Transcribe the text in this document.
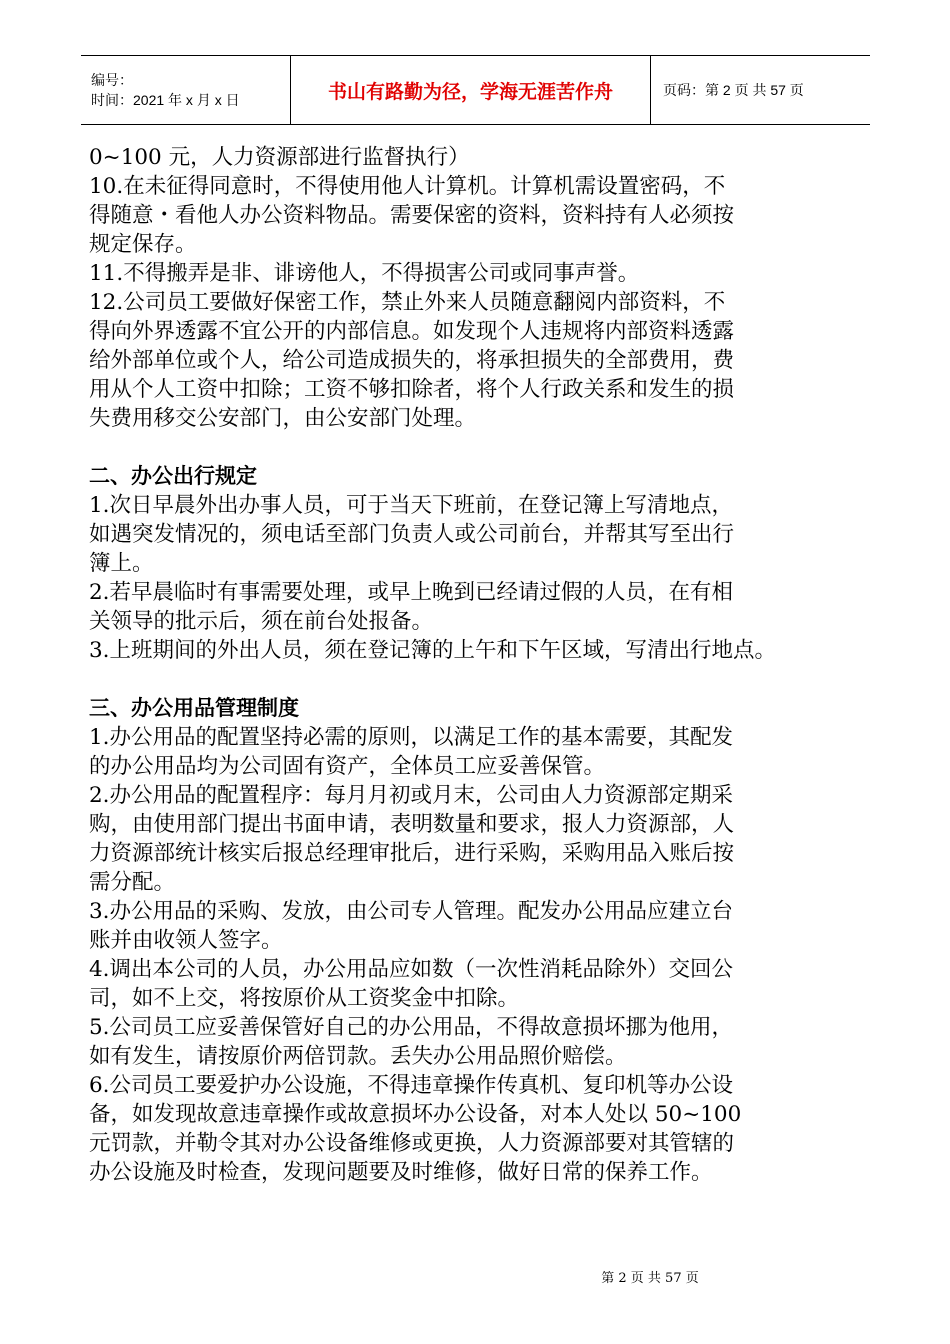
编号：
时间：2021 年 x 月 x 日	书山有路勤为径，学海无涯苦作舟	页码：第 2 页 共 57 页
0~100 元，人力资源部进行监督执行）
10.在未征得同意时，不得使用他人计算机。计算机需设置密码，不
得随意・看他人办公资料物品。需要保密的资料，资料持有人必须按
规定保存。
11.不得搬弄是非、诽谤他人，不得损害公司或同事声誉。
12.公司员工要做好保密工作，禁止外来人员随意翻阅内部资料，不
得向外界透露不宜公开的内部信息。如发现个人违规将内部资料透露
给外部单位或个人，给公司造成损失的，将承担损失的全部费用，费
用从个人工资中扣除；工资不够扣除者，将个人行政关系和发生的损
失费用移交公安部门，由公安部门处理。
二、办公出行规定
1.次日早晨外出办事人员，可于当天下班前，在登记簿上写清地点，
如遇突发情况的，须电话至部门负责人或公司前台，并帮其写至出行
簿上。
2.若早晨临时有事需要处理，或早上晚到已经请过假的人员，在有相
关领导的批示后，须在前台处报备。
3.上班期间的外出人员，须在登记簿的上午和下午区域，写清出行地点。
三、办公用品管理制度
1.办公用品的配置坚持必需的原则，以满足工作的基本需要，其配发
的办公用品均为公司固有资产，全体员工应妥善保管。
2.办公用品的配置程序：每月月初或月末，公司由人力资源部定期采
购，由使用部门提出书面申请，表明数量和要求，报人力资源部，人
力资源部统计核实后报总经理审批后，进行采购，采购用品入账后按
需分配。
3.办公用品的采购、发放，由公司专人管理。配发办公用品应建立台
账并由收领人签字。
4.调出本公司的人员，办公用品应如数（一次性消耗品除外）交回公
司，如不上交，将按原价从工资奖金中扣除。
5.公司员工应妥善保管好自己的办公用品，不得故意损坏挪为他用，
如有发生，请按原价两倍罚款。丢失办公用品照价赔偿。
6.公司员工要爱护办公设施，不得违章操作传真机、复印机等办公设
备，如发现故意违章操作或故意损坏办公设备，对本人处以 50~100
元罚款，并勒令其对办公设备维修或更换，人力资源部要对其管辖的
办公设施及时检查，发现问题要及时维修，做好日常的保养工作。
第 2 页 共 57 页
